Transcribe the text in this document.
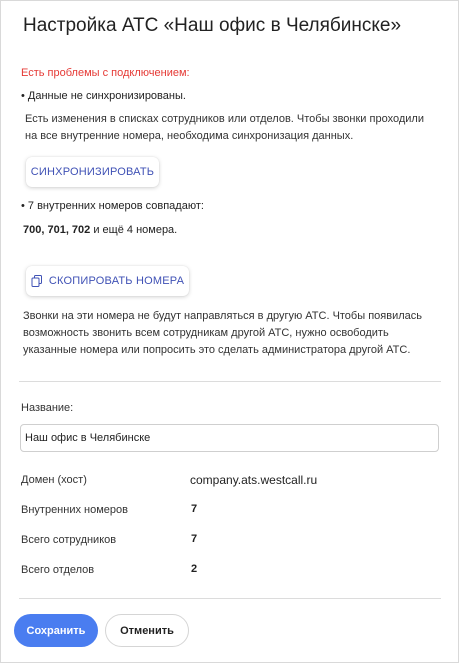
Настройка АТС «Наш офис в Челябинске»
Есть проблемы с подключением:
• Данные не синхронизированы.
Есть изменения в списках сотрудников или отделов. Чтобы звонки проходили на все внутренние номера, необходима синхронизация данных.
СИНХРОНИЗИРОВАТЬ
• 7 внутренних номеров совпадают:
700, 701, 702 и ещё 4 номера.
СКОПИРОВАТЬ НОМЕРА
Звонки на эти номера не будут направляться в другую АТС. Чтобы появилась возможность звонить всем сотрудникам другой АТС, нужно освободить указанные номера или попросить это сделать администратора другой АТС.
Название:
Наш офис в Челябинске
Домен (хост)	company.ats.westcall.ru
Внутренних номеров	7
Всего сотрудников	7
Всего отделов	2
Сохранить	Отменить
